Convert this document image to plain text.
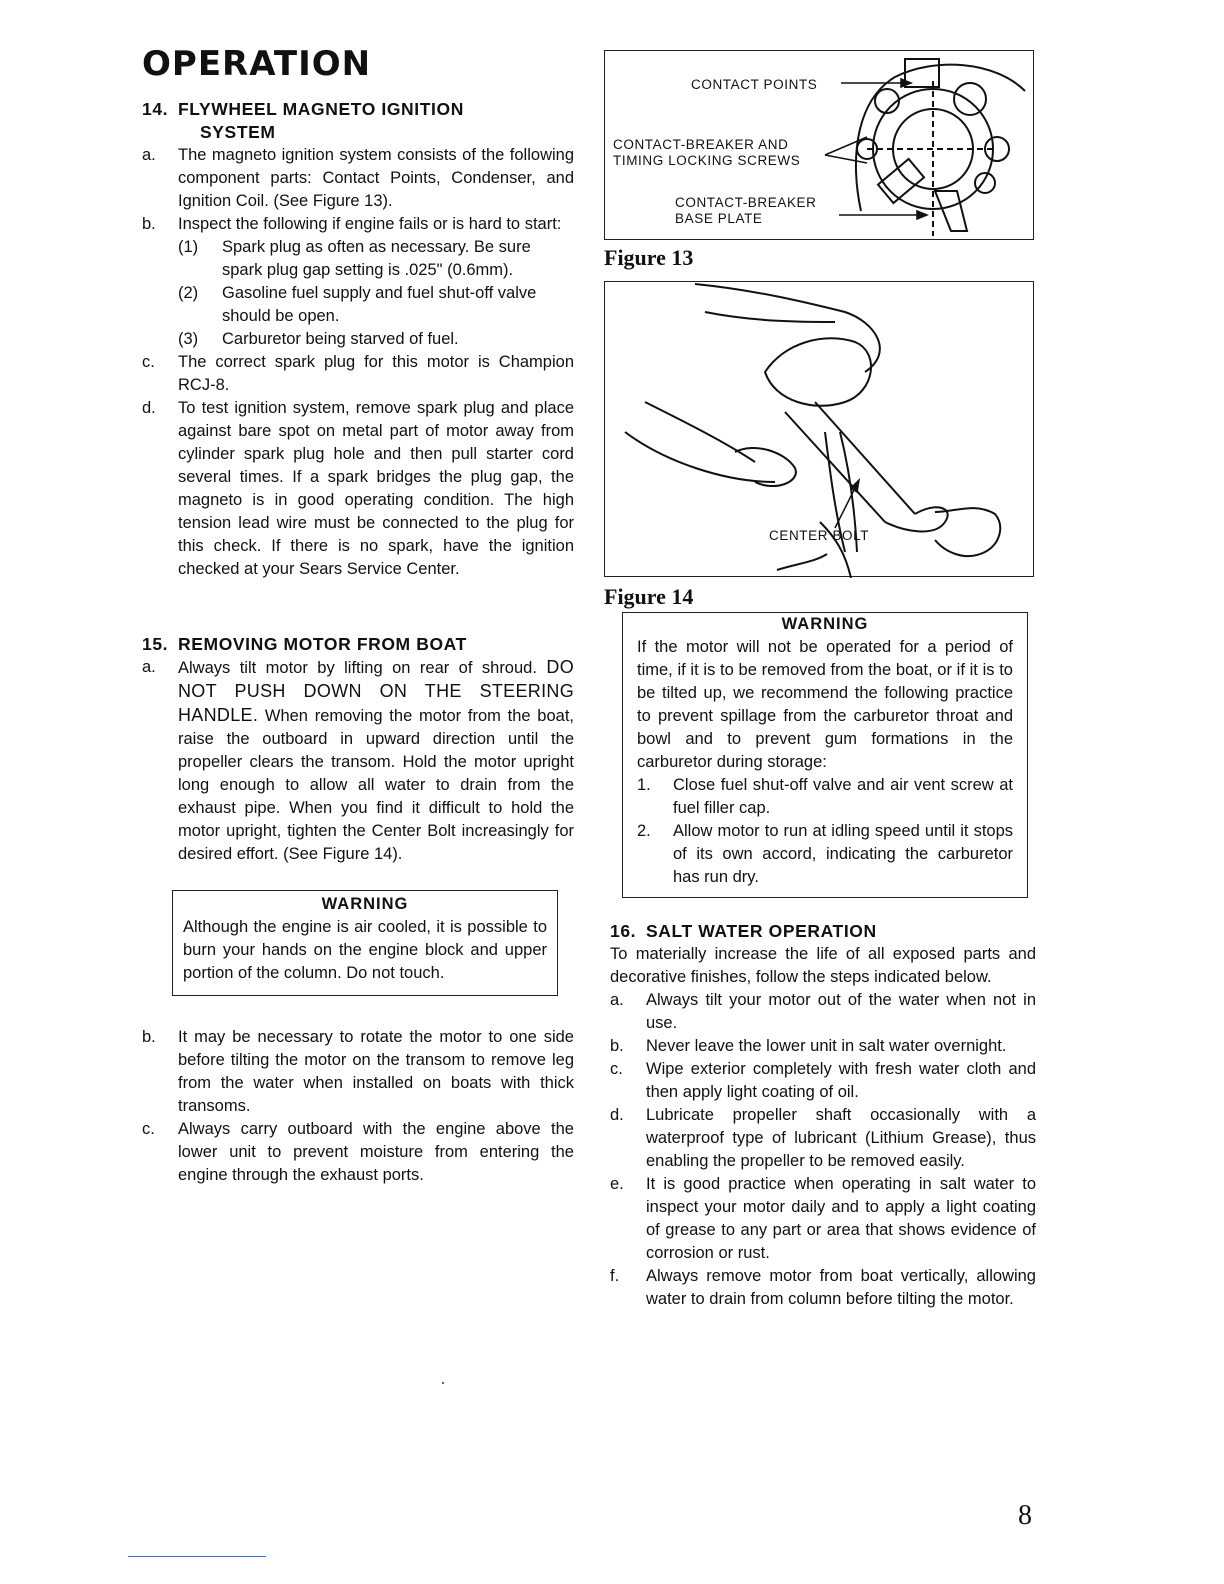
OPERATION
14. FLYWHEEL MAGNETO IGNITION
SYSTEM
a.	The magneto ignition system consists of the following component parts: Contact Points, Condenser, and Ignition Coil. (See Figure 13).
b.	Inspect the following if engine fails or is hard to start:
(1)	Spark plug as often as necessary. Be sure spark plug gap setting is .025" (0.6mm).
(2)	Gasoline fuel supply and fuel shut-off valve should be open.
(3)	Carburetor being starved of fuel.
c.	The correct spark plug for this motor is Champion RCJ-8.
d.	To test ignition system, remove spark plug and place against bare spot on metal part of motor away from cylinder spark plug hole and then pull starter cord several times. If a spark bridges the plug gap, the magneto is in good operating condition. The high tension lead wire must be connected to the plug for this check. If there is no spark, have the ignition checked at your Sears Service Center.
15. REMOVING MOTOR FROM BOAT
a.	Always tilt motor by lifting on rear of shroud. DO NOT PUSH DOWN ON THE STEERING HANDLE. When removing the motor from the boat, raise the outboard in upward direction until the propeller clears the transom. Hold the motor upright long enough to allow all water to drain from the exhaust pipe. When you find it difficult to hold the motor upright, tighten the Center Bolt increasingly for desired effort. (See Figure 14).
WARNING
Although the engine is air cooled, it is possible to burn your hands on the engine block and upper portion of the column. Do not touch.
b.	It may be necessary to rotate the motor to one side before tilting the motor on the transom to remove leg from the water when installed on boats with thick transoms.
c.	Always carry outboard with the engine above the lower unit to prevent moisture from entering the engine through the exhaust ports.
CONTACT POINTS
CONTACT-BREAKER AND
TIMING LOCKING SCREWS
CONTACT-BREAKER
BASE PLATE

Figure 13

CENTER BOLT

Figure 14

WARNING
If the motor will not be operated for a period of time, if it is to be removed from the boat, or if it is to be tilted up, we recommend the following practice to prevent spillage from the carburetor throat and bowl and to prevent gum formations in the carburetor during storage:
1.	Close fuel shut-off valve and air vent screw at fuel filler cap.
2.	Allow motor to run at idling speed until it stops of its own accord, indicating the carburetor has run dry.
16. SALT WATER OPERATION
To materially increase the life of all exposed parts and decorative finishes, follow the steps indicated below.
a.	Always tilt your motor out of the water when not in use.
b.	Never leave the lower unit in salt water overnight.
c.	Wipe exterior completely with fresh water cloth and then apply light coating of oil.
d.	Lubricate propeller shaft occasionally with a waterproof type of lubricant (Lithium Grease), thus enabling the propeller to be removed easily.
e.	It is good practice when operating in salt water to inspect your motor daily and to apply a light coating of grease to any part or area that shows evidence of corrosion or rust.
f.	Always remove motor from boat vertically, allowing water to drain from column before tilting the motor.
8
